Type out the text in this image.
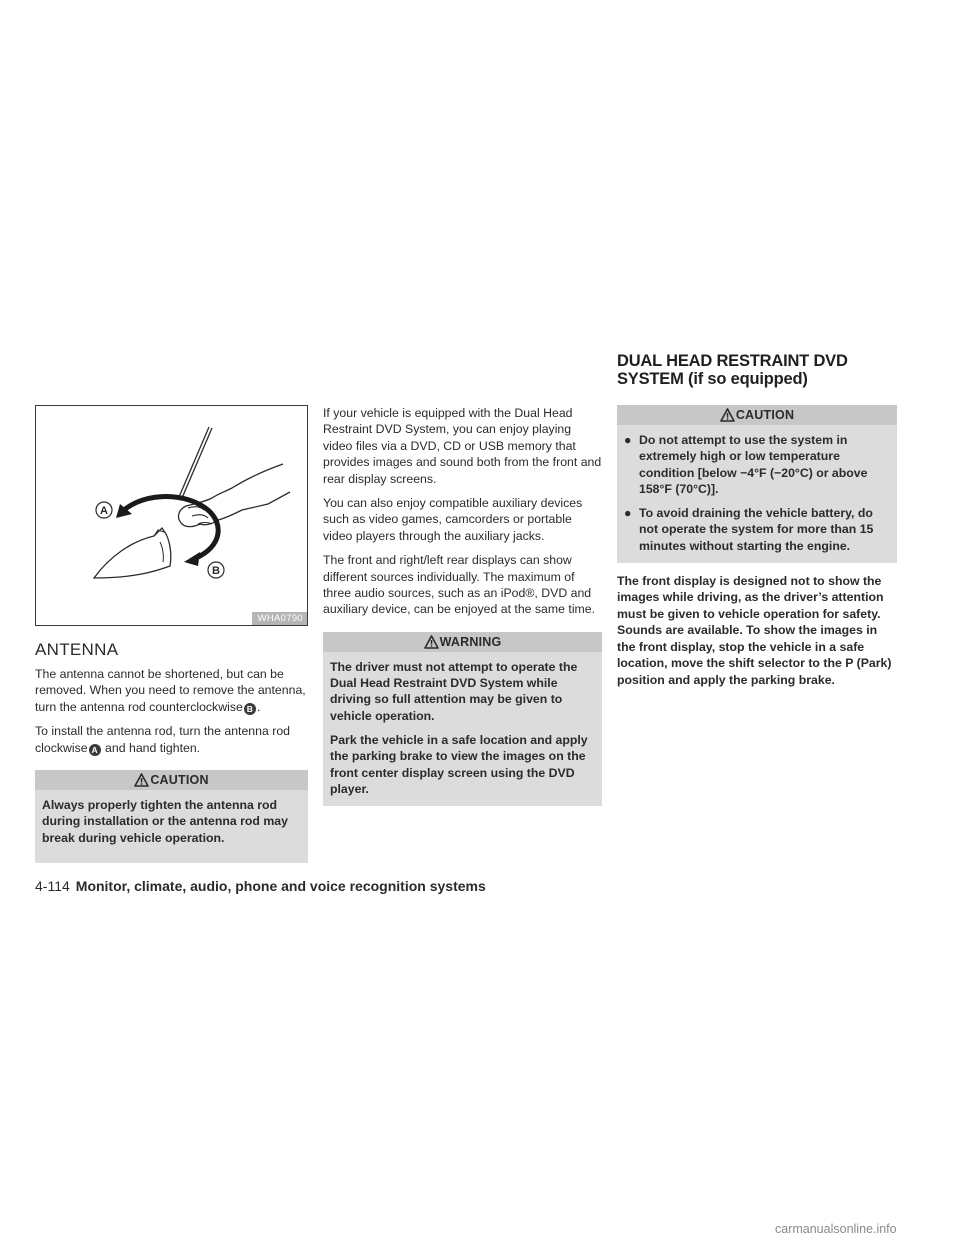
DUAL HEAD RESTRAINT DVD
SYSTEM (if so equipped)
A
B
WHA0790
ANTENNA

The antenna cannot be shortened, but can be removed. When you need to remove the antenna, turn the antenna rod counterclockwise B .

To install the antenna rod, turn the antenna rod clockwise A and hand tighten.

CAUTION

Always properly tighten the antenna rod during installation or the antenna rod may break during vehicle operation.

If your vehicle is equipped with the Dual Head Restraint DVD System, you can enjoy playing video files via a DVD, CD or USB memory that provides images and sound both from the front and rear display screens.

You can also enjoy compatible auxiliary devices such as video games, camcorders or portable video players through the auxiliary jacks.

The front and right/left rear displays can show different sources individually. The maximum of three audio sources, such as an iPod®, DVD and auxiliary device, can be enjoyed at the same time.

WARNING

The driver must not attempt to operate the Dual Head Restraint DVD System while driving so full attention may be given to vehicle operation.

Park the vehicle in a safe location and apply the parking brake to view the images on the front center display screen using the DVD player.

CAUTION
● Do not attempt to use the system in extremely high or low temperature condition [below −4°F (−20°C) or above 158°F (70°C)].
● To avoid draining the vehicle battery, do not operate the system for more than 15 minutes without starting the engine.

The front display is designed not to show the images while driving, as the driver’s attention must be given to vehicle operation for safety. Sounds are available. To show the images in the front display, stop the vehicle in a safe location, move the shift selector to the P (Park) position and apply the parking brake.

4-114 Monitor, climate, audio, phone and voice recognition systems
carmanualsonline.info
